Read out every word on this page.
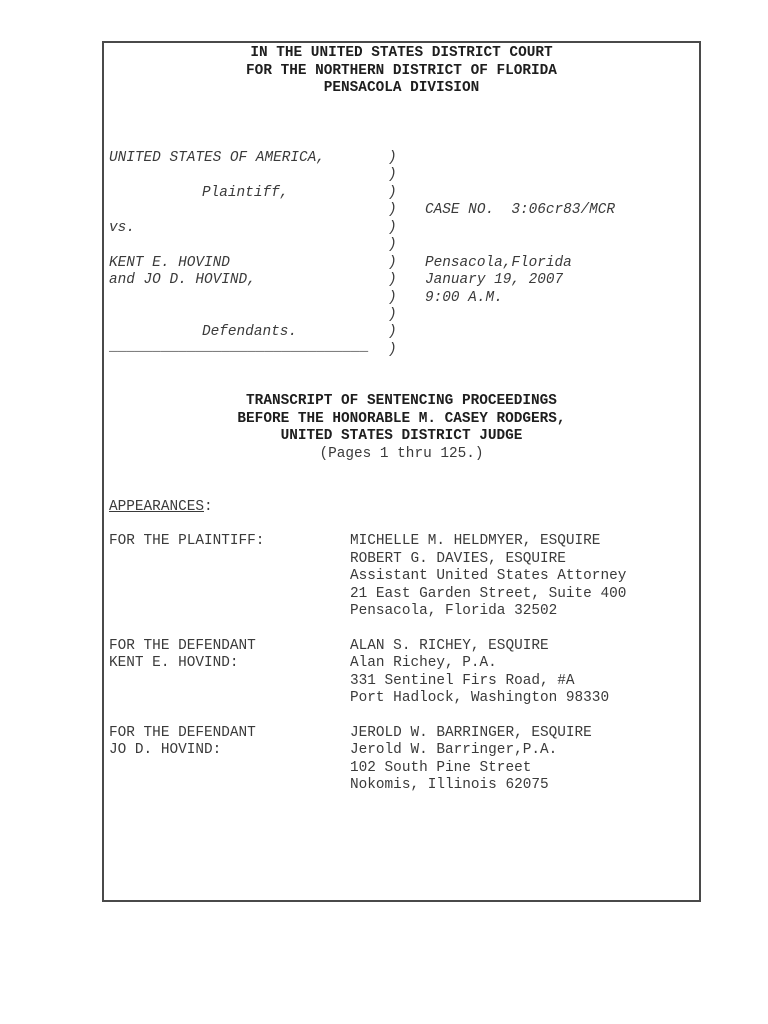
IN THE UNITED STATES DISTRICT COURT
FOR THE NORTHERN DISTRICT OF FLORIDA
PENSACOLA DIVISION
UNITED STATES OF AMERICA,
Plaintiff,
vs.
KENT E. HOVIND
and JO D. HOVIND,
Defendants.
______________________________
)
)
)
)
)
)
)
)
)
)
)
)
CASE NO.  3:06cr83/MCR
Pensacola,Florida
January 19, 2007
9:00 A.M.
TRANSCRIPT OF SENTENCING PROCEEDINGS
BEFORE THE HONORABLE M. CASEY RODGERS,
UNITED STATES DISTRICT JUDGE
(Pages 1 thru 125.)
APPEARANCES:
FOR THE PLAINTIFF:	MICHELLE M. HELDMYER, ESQUIRE
ROBERT G. DAVIES, ESQUIRE
Assistant United States Attorney
21 East Garden Street, Suite 400
Pensacola, Florida 32502
FOR THE DEFENDANT
KENT E. HOVIND:
ALAN S. RICHEY, ESQUIRE
Alan Richey, P.A.
331 Sentinel Firs Road, #A
Port Hadlock, Washington 98330
FOR THE DEFENDANT
JO D. HOVIND:
JEROLD W. BARRINGER, ESQUIRE
Jerold W. Barringer,P.A.
102 South Pine Street
Nokomis, Illinois 62075
